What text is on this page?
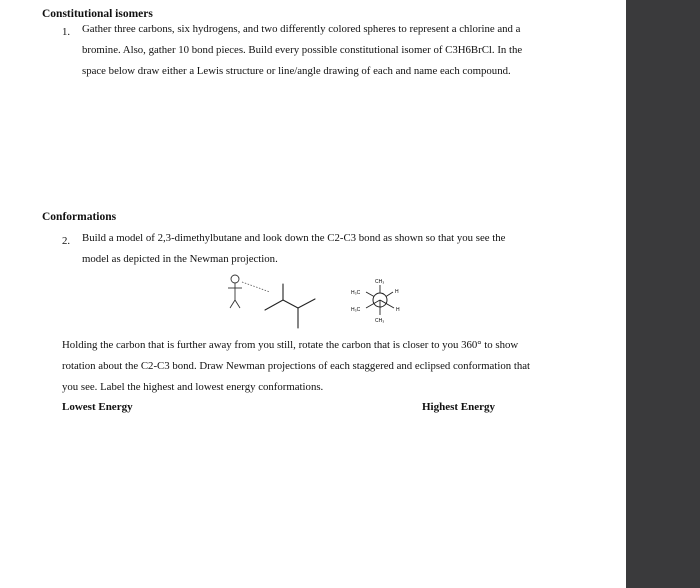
Constitutional isomers
1. Gather three carbons, six hydrogens, and two differently colored spheres to represent a chlorine and a
bromine. Also, gather 10 bond pieces. Build every possible constitutional isomer of C3H6BrCl. In the
space below draw either a Lewis structure or line/angle drawing of each and name each compound.
Conformations
2. Build a model of 2,3-dimethylbutane and look down the C2-C3 bond as shown so that you see the
model as depicted in the Newman projection.
CH₃
CH₃
H₃C
H₃C
H
H
Holding the carbon that is further away from you still, rotate the carbon that is closer to you 360° to show
rotation about the C2-C3 bond. Draw Newman projections of each staggered and eclipsed conformation that
you see. Label the highest and lowest energy conformations.
Lowest Energy	Highest Energy
